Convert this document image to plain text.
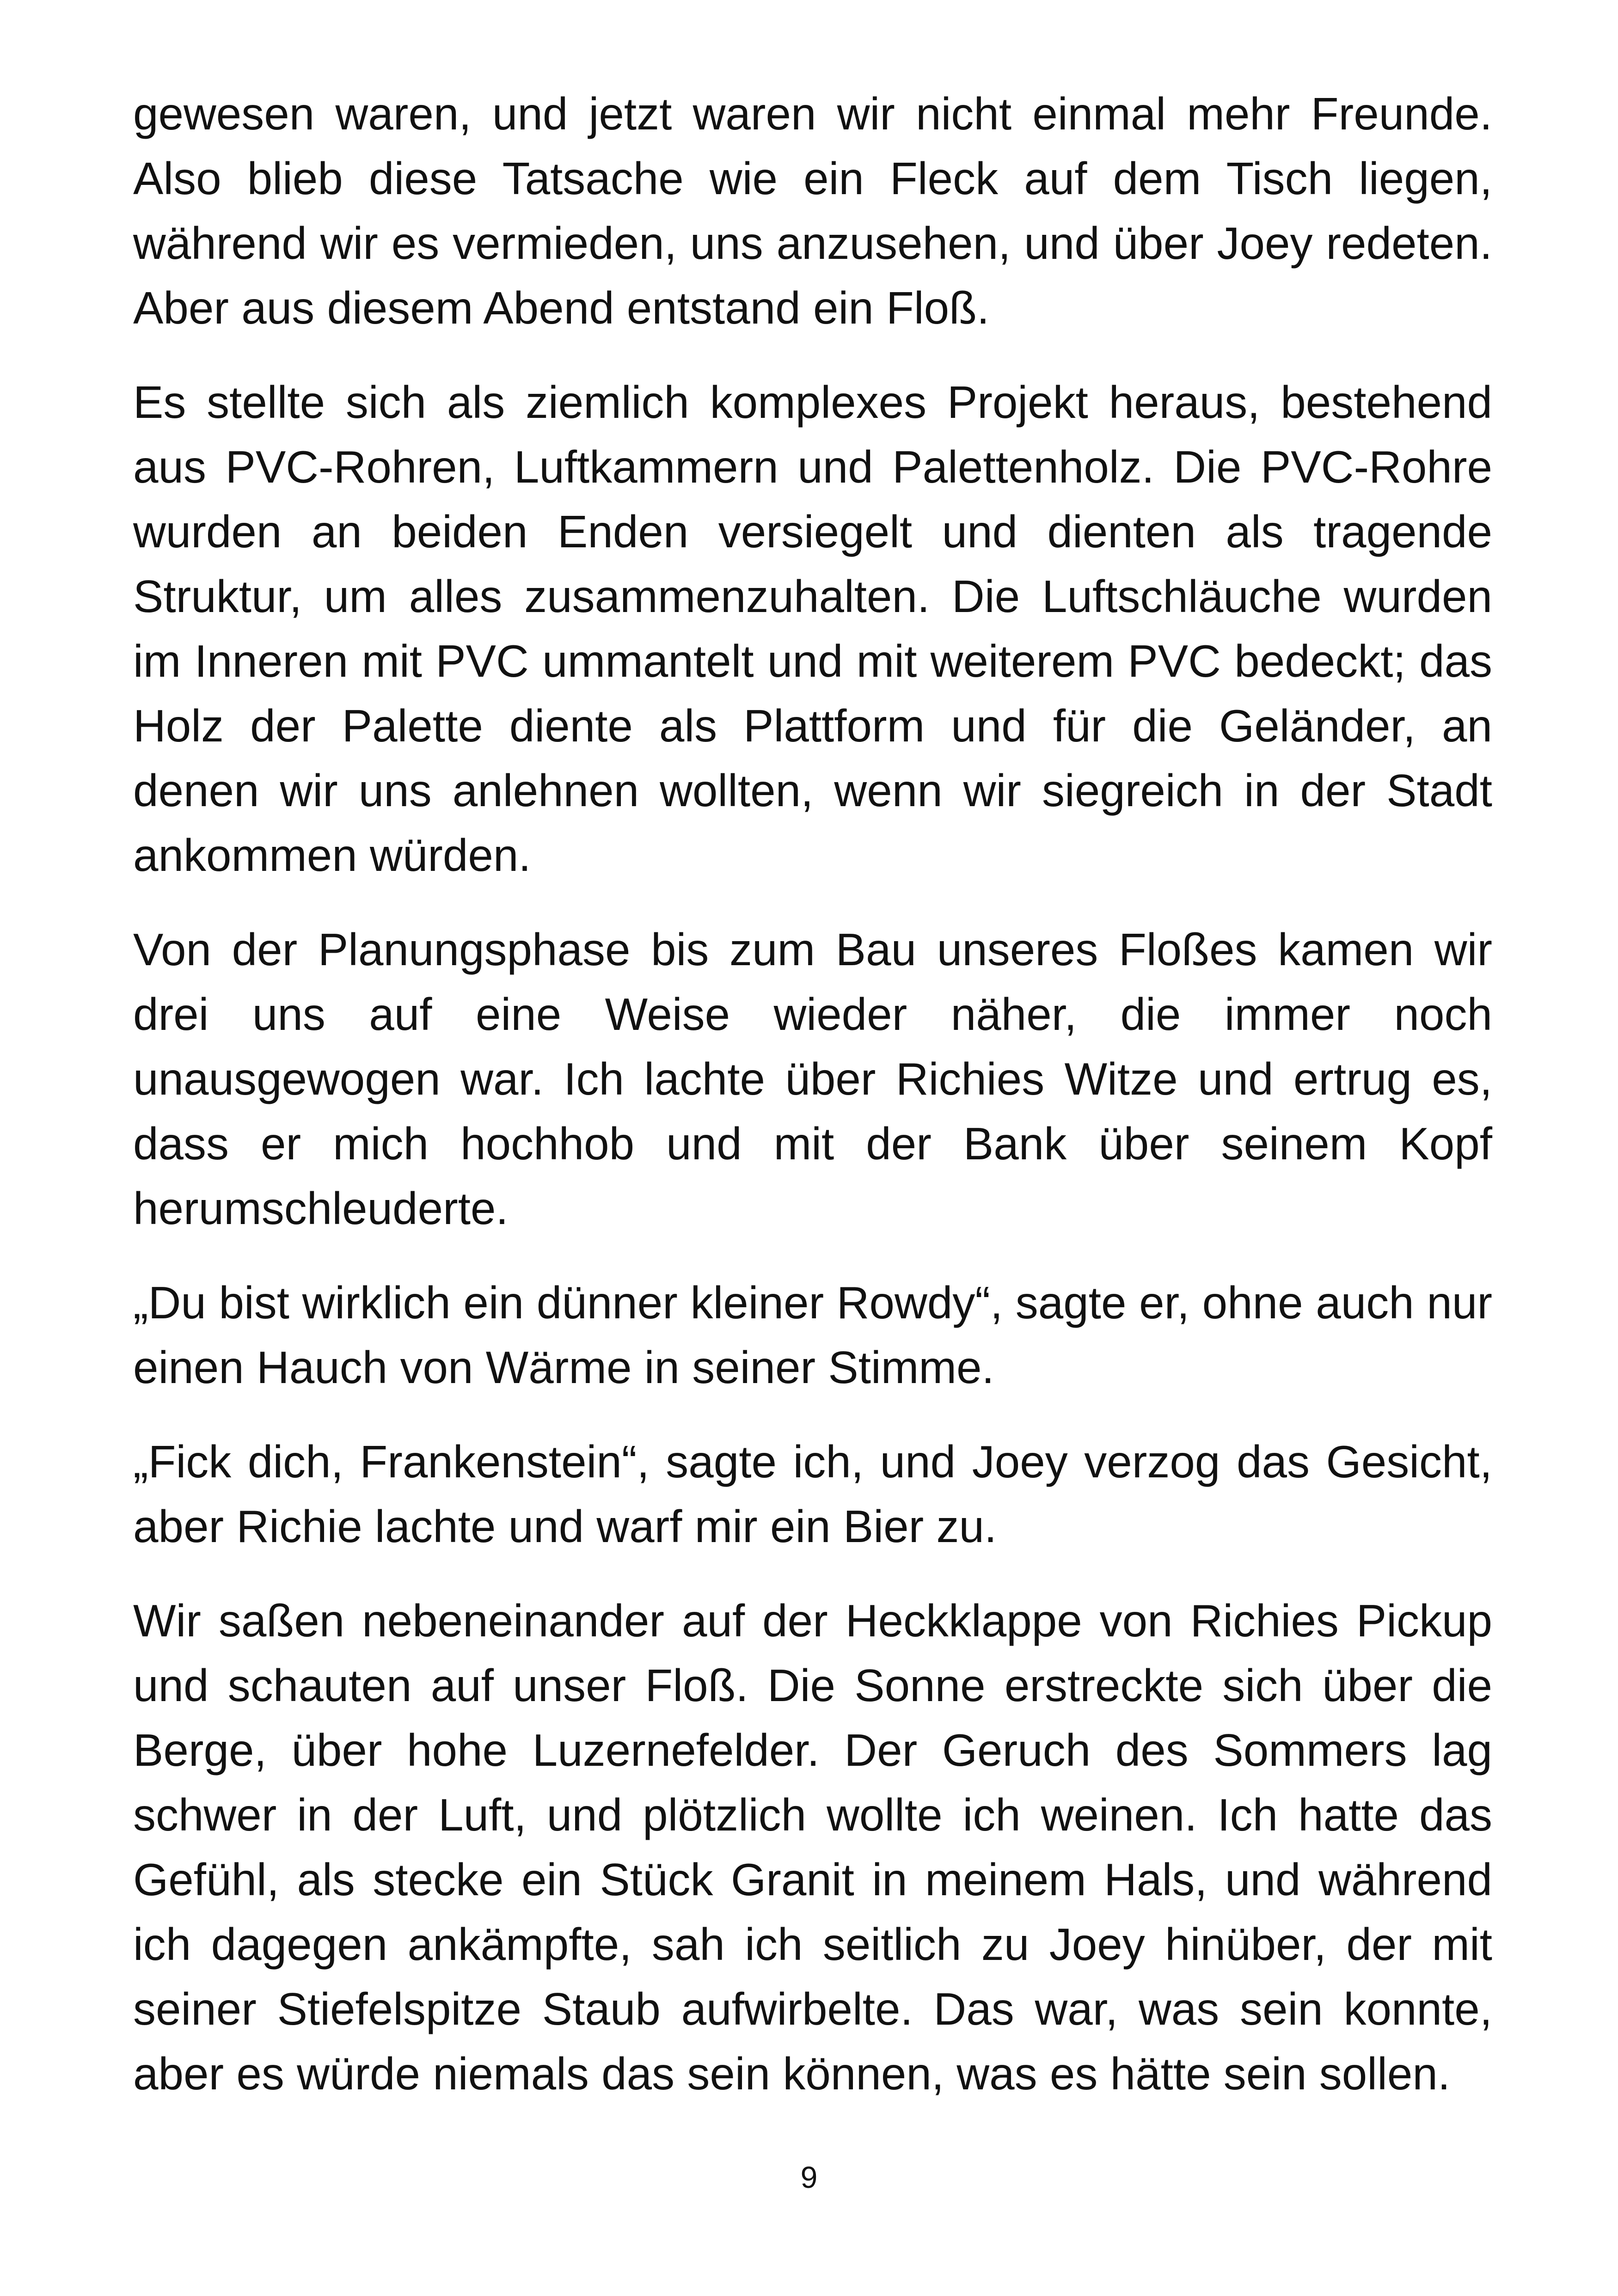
gewesen waren, und jetzt waren wir nicht einmal mehr Freunde. Also blieb diese Tatsache wie ein Fleck auf dem Tisch liegen, während wir es vermieden, uns anzusehen, und über Joey redeten. Aber aus diesem Abend entstand ein Floß.

Es stellte sich als ziemlich komplexes Projekt heraus, bestehend aus PVC-Rohren, Luftkammern und Palettenholz. Die PVC-Rohre wurden an beiden Enden versiegelt und dienten als tragende Struktur, um alles zusammenzuhalten. Die Luftschläuche wurden im Inneren mit PVC ummantelt und mit weiterem PVC bedeckt; das Holz der Palette diente als Plattform und für die Geländer, an denen wir uns anlehnen wollten, wenn wir siegreich in der Stadt ankommen würden.

Von der Planungsphase bis zum Bau unseres Floßes kamen wir drei uns auf eine Weise wieder näher, die immer noch unausgewogen war. Ich lachte über Richies Witze und ertrug es, dass er mich hochhob und mit der Bank über seinem Kopf herumschleuderte.

„Du bist wirklich ein dünner kleiner Rowdy“, sagte er, ohne auch nur einen Hauch von Wärme in seiner Stimme.

„Fick dich, Frankenstein“, sagte ich, und Joey verzog das Gesicht, aber Richie lachte und warf mir ein Bier zu.

Wir saßen nebeneinander auf der Heckklappe von Richies Pickup und schauten auf unser Floß. Die Sonne erstreckte sich über die Berge, über hohe Luzernefelder. Der Geruch des Sommers lag schwer in der Luft, und plötzlich wollte ich weinen. Ich hatte das Gefühl, als stecke ein Stück Granit in meinem Hals, und während ich dagegen ankämpfte, sah ich seitlich zu Joey hinüber, der mit seiner Stiefelspitze Staub aufwirbelte. Das war, was sein konnte, aber es würde niemals das sein können, was es hätte sein sollen.

9
